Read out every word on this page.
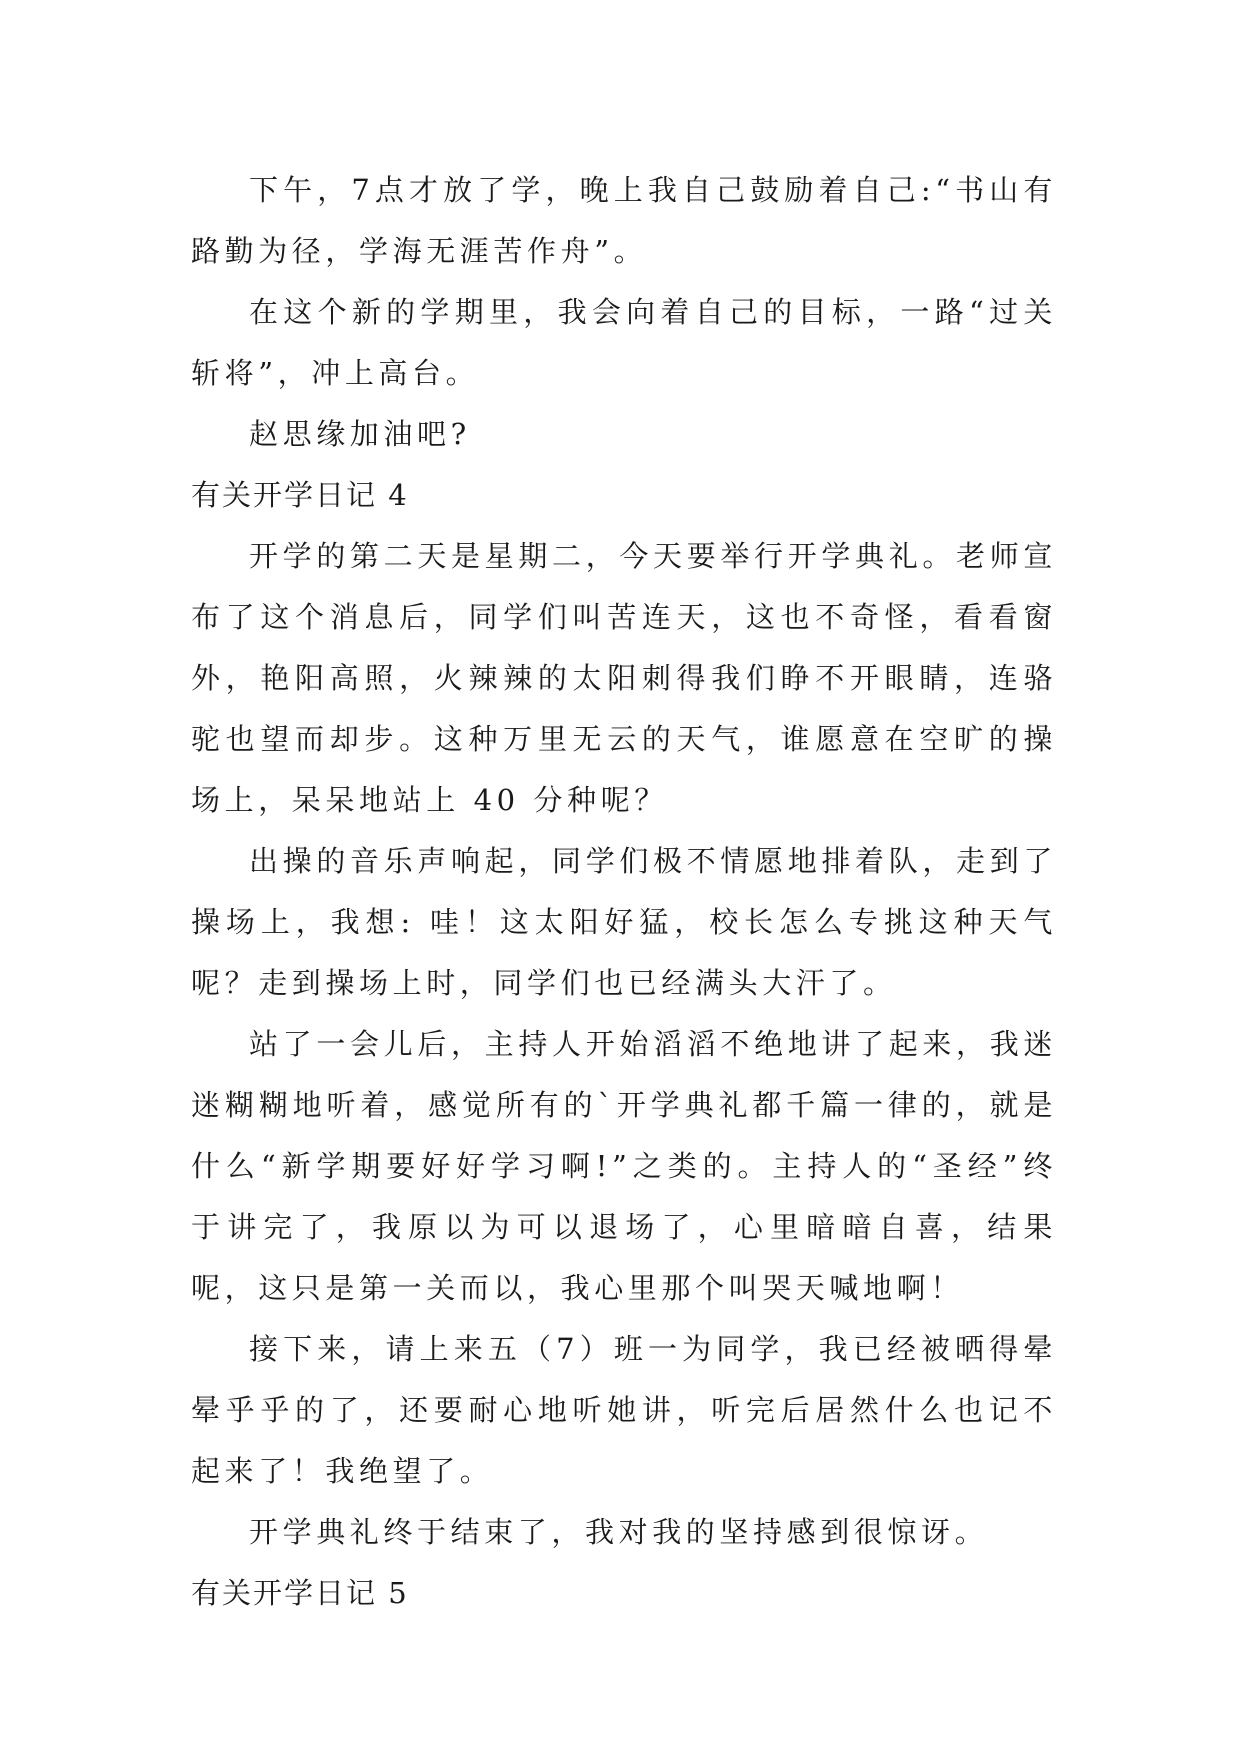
下午，7点才放了学，晚上我自己鼓励着自己:“书山有路勤为径，学海无涯苦作舟”。

在这个新的学期里，我会向着自己的目标，一路“过关斩将”，冲上高台。

赵思缘加油吧?

有关开学日记 4

开学的第二天是星期二，今天要举行开学典礼。老师宣布了这个消息后，同学们叫苦连天，这也不奇怪，看看窗外，艳阳高照，火辣辣的太阳刺得我们睁不开眼睛，连骆驼也望而却步。这种万里无云的天气，谁愿意在空旷的操场上，呆呆地站上 40 分种呢？

出操的音乐声响起，同学们极不情愿地排着队，走到了操场上，我想: 哇！这太阳好猛，校长怎么专挑这种天气呢？走到操场上时，同学们也已经满头大汗了。

站了一会儿后，主持人开始滔滔不绝地讲了起来，我迷迷糊糊地听着，感觉所有的`开学典礼都千篇一律的，就是什么“新学期要好好学习啊!”之类的。主持人的“圣经”终于讲完了，我原以为可以退场了，心里暗暗自喜，结果呢，这只是第一关而以，我心里那个叫哭天喊地啊！

接下来，请上来五（7）班一为同学，我已经被晒得晕晕乎乎的了，还要耐心地听她讲，听完后居然什么也记不起来了！我绝望了。

开学典礼终于结束了，我对我的坚持感到很惊讶。

有关开学日记 5
